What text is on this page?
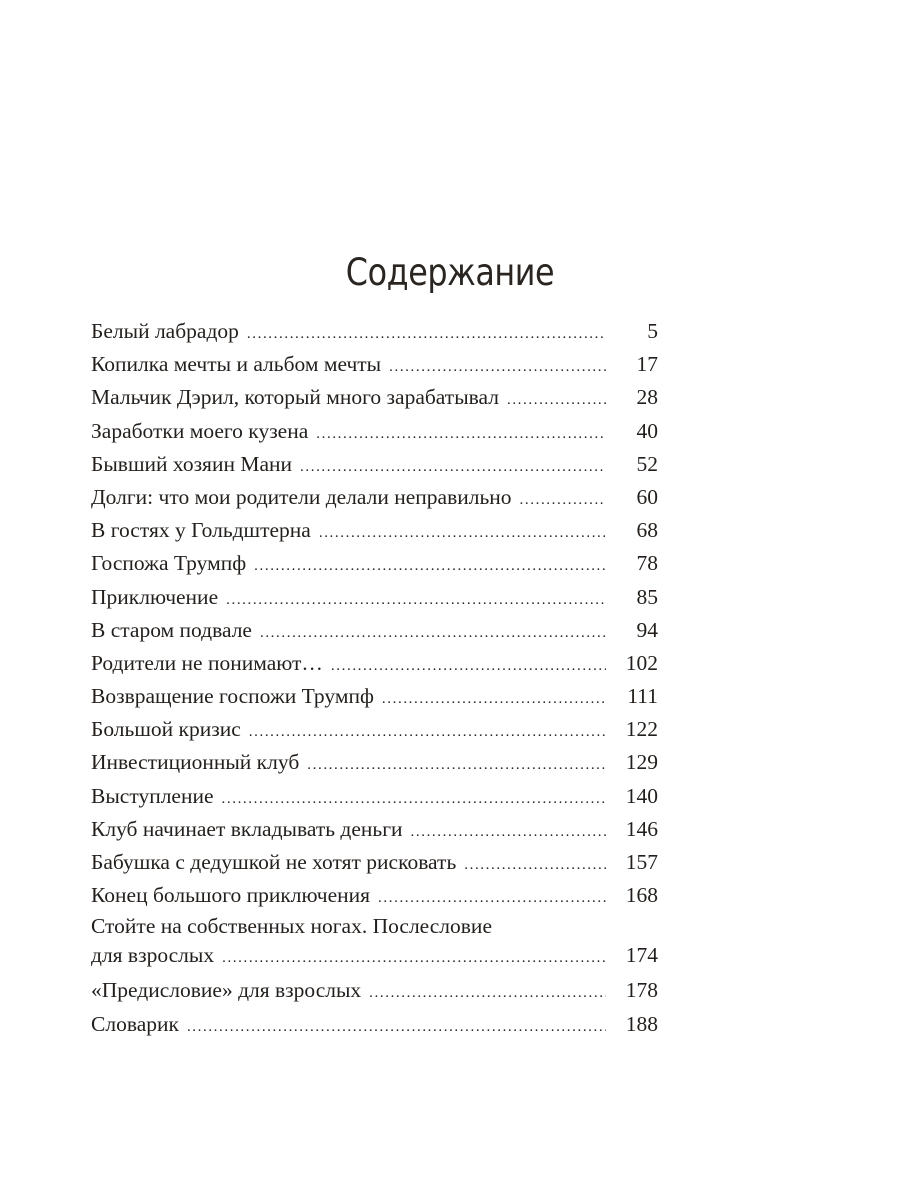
Содержание
Белый лабрадор .....	5
Копилка мечты и альбом мечты .....	17
Мальчик Дэрил, который много зарабатывал .....	28
Заработки моего кузена .....	40
Бывший хозяин Мани .....	52
Долги: что мои родители делали неправильно .....	60
В гостях у Гольдштерна .....	68
Госпожа Трумпф .....	78
Приключение .....	85
В старом подвале .....	94
Родители не понимают… .....	102
Возвращение госпожи Трумпф .....	111
Большой кризис .....	122
Инвестиционный клуб .....	129
Выступление .....	140
Клуб начинает вкладывать деньги .....	146
Бабушка с дедушкой не хотят рисковать .....	157
Конец большого приключения .....	168
Стойте на собственных ногах. Послесловие
для взрослых .....	174
«Предисловие» для взрослых .....	178
Словарик .....	188
